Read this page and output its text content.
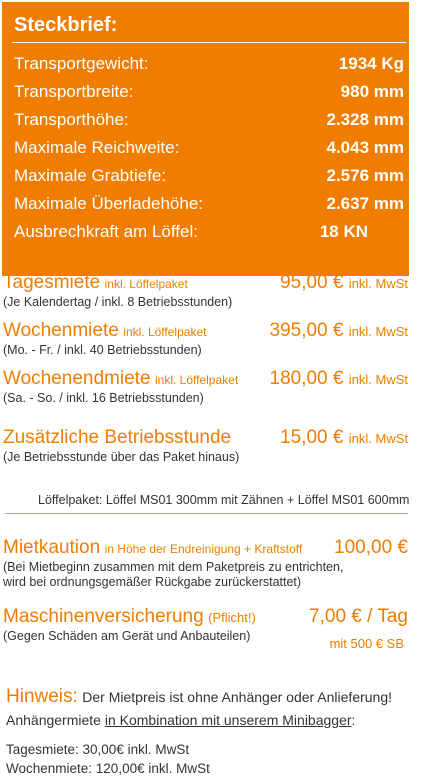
Steckbrief:
Transportgewicht:	1934 Kg
Transportbreite:	980 mm
Transporthöhe:	2.328 mm
Maximale Reichweite:	4.043 mm
Maximale Grabtiefe:	2.576 mm
Maximale Überladehöhe:	2.637 mm
Ausbrechkraft am Löffel:	18 KN
Tagesmiete inkl. Löffelpaket	95,00 € inkl. MwSt
(Je Kalendertag / inkl. 8 Betriebsstunden)
Wochenmiete inkl. Löffelpaket	395,00 € inkl. MwSt
(Mo. - Fr. / inkl. 40 Betriebsstunden)
Wochenendmiete inkl. Löffelpaket	180,00 € inkl. MwSt
(Sa. - So. / inkl. 16 Betriebsstunden)
Zusätzliche Betriebsstunde	15,00 € inkl. MwSt
(Je Betriebsstunde über das Paket hinaus)
Löffelpaket: Löffel MS01 300mm mit Zähnen + Löffel MS01 600mm
Mietkaution in Höhe der Endreinigung + Kraftstoff	100,00 €
(Bei Mietbeginn zusammen mit dem Paketpreis zu entrichten,
wird bei ordnungsgemäßer Rückgabe zurückerstattet)
Maschinenversicherung (Pflicht!)	7,00 € / Tag
(Gegen Schäden am Gerät und Anbauteilen)	mit 500 € SB
Hinweis: Der Mietpreis ist ohne Anhänger oder Anlieferung!
Anhängermiete in Kombination mit unserem Minibagger:
Tagesmiete: 30,00€ inkl. MwSt
Wochenmiete: 120,00€ inkl. MwSt
